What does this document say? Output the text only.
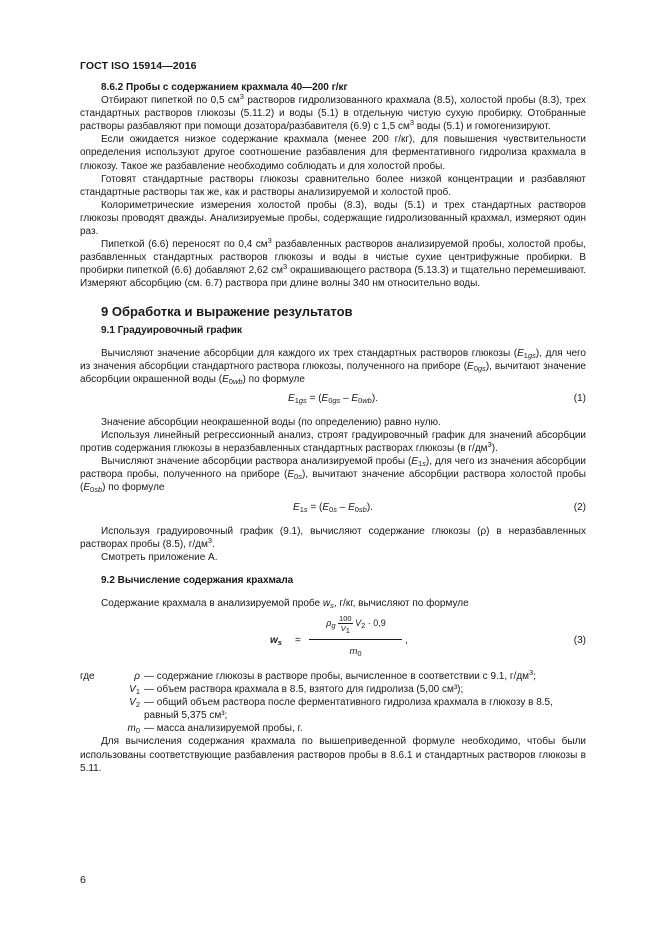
ГОСТ ISO 15914—2016

8.6.2 Пробы с содержанием крахмала 40—200 г/кг

Отбирают пипеткой по 0,5 $см^3$ растворов гидролизованного крахмала (8.5), холостой пробы (8.3), трех стандартных растворов глюкозы (5.11.2) и воды (5.1) в отдельную чистую сухую пробирку. Отобранные растворы разбавляют при помощи дозатора/разбавителя (6.9) с 1,5 $см^3$ воды (5.1) и гомогенизируют.

Если ожидается низкое содержание крахмала (менее 200 г/кг), для повышения чувствительности определения используют другое соотношение разбавления для ферментативного гидролиза крахмала в глюкозу. Такое же разбавление необходимо соблюдать и для холостой пробы.

Готовят стандартные растворы глюкозы сравнительно более низкой концентрации и разбавляют стандартные растворы так же, как и растворы анализируемой и холостой проб.

Колориметрические измерения холостой пробы (8.3), воды (5.1) и трех стандартных растворов глюкозы проводят дважды. Анализируемые пробы, содержащие гидролизованный крахмал, измеряют один раз.

Пипеткой (6.6) переносят по 0,4 $см^3$ разбавленных растворов анализируемой пробы, холостой пробы, разбавленных стандартных растворов глюкозы и воды в чистые сухие центрифужные пробирки. В пробирки пипеткой (6.6) добавляют 2,62 $см^3$ окрашивающего раствора (5.13.3) и тщательно перемешивают. Измеряют абсорбцию (см. 6.7) раствора при длине волны 340 нм относительно воды.

9 Обработка и выражение результатов

9.1 Градуировочный график

Вычисляют значение абсорбции для каждого их трех стандартных растворов глюкозы $(E_{1gs})$, для чего из значения абсорбции стандартного раствора глюкозы, полученного на приборе $(E_{0gs})$, вычитают значение абсорбции окрашенной воды $(E_{0wb})$ по формуле

$E_{1gs} = (E_{0gs} - E_{0wb})$.	(1)

Значение абсорбции неокрашенной воды (по определению) равно нулю.

Используя линейный регрессионный анализ, строят градуировочный график для значений абсорбции против содержания глюкозы в неразбавленных стандартных растворах глюкозы (в $г/дм^3$).

Вычисляют значение абсорбции раствора анализируемой пробы $(E_{1s})$, для чего из значения абсорбции раствора пробы, полученного на приборе $(E_{0s})$, вычитают значение абсорбции раствора холостой пробы $(E_{0sb})$ по формуле

$E_{1s} = (E_{0s} - E_{0sb})$.	(2)

Используя градуировочный график (9.1), вычисляют содержание глюкозы (ρ) в неразбавленных растворах пробы (8.5), $г/дм^3$.

Смотреть приложение А.

9.2 Вычисление содержания крахмала

Содержание крахмала в анализируемой пробе $w_s$, г/кг, вычисляют по формуле

$w_s$ =
$\rho_g \frac{100}{V_1} V_2 \cdot 0,9$
$m_0$
,	(3)
где	ρ — содержание глюкозы в растворе пробы, вычисленное в соответствии с 9.1, $г/дм^3$;
$V_1$ — объем раствора крахмала в 8.5, взятого для гидролиза (5,00 см³);
$V_2$ — общий объем раствора после ферментативного гидролиза крахмала в глюкозу в 8.5, равный 5,375 см³;
$m_0$ — масса анализируемой пробы, г.

Для вычисления содержания крахмала по вышеприведенной формуле необходимо, чтобы были использованы соответствующие разбавления растворов пробы в 8.6.1 и стандартных растворов глюкозы в 5.11.

6
